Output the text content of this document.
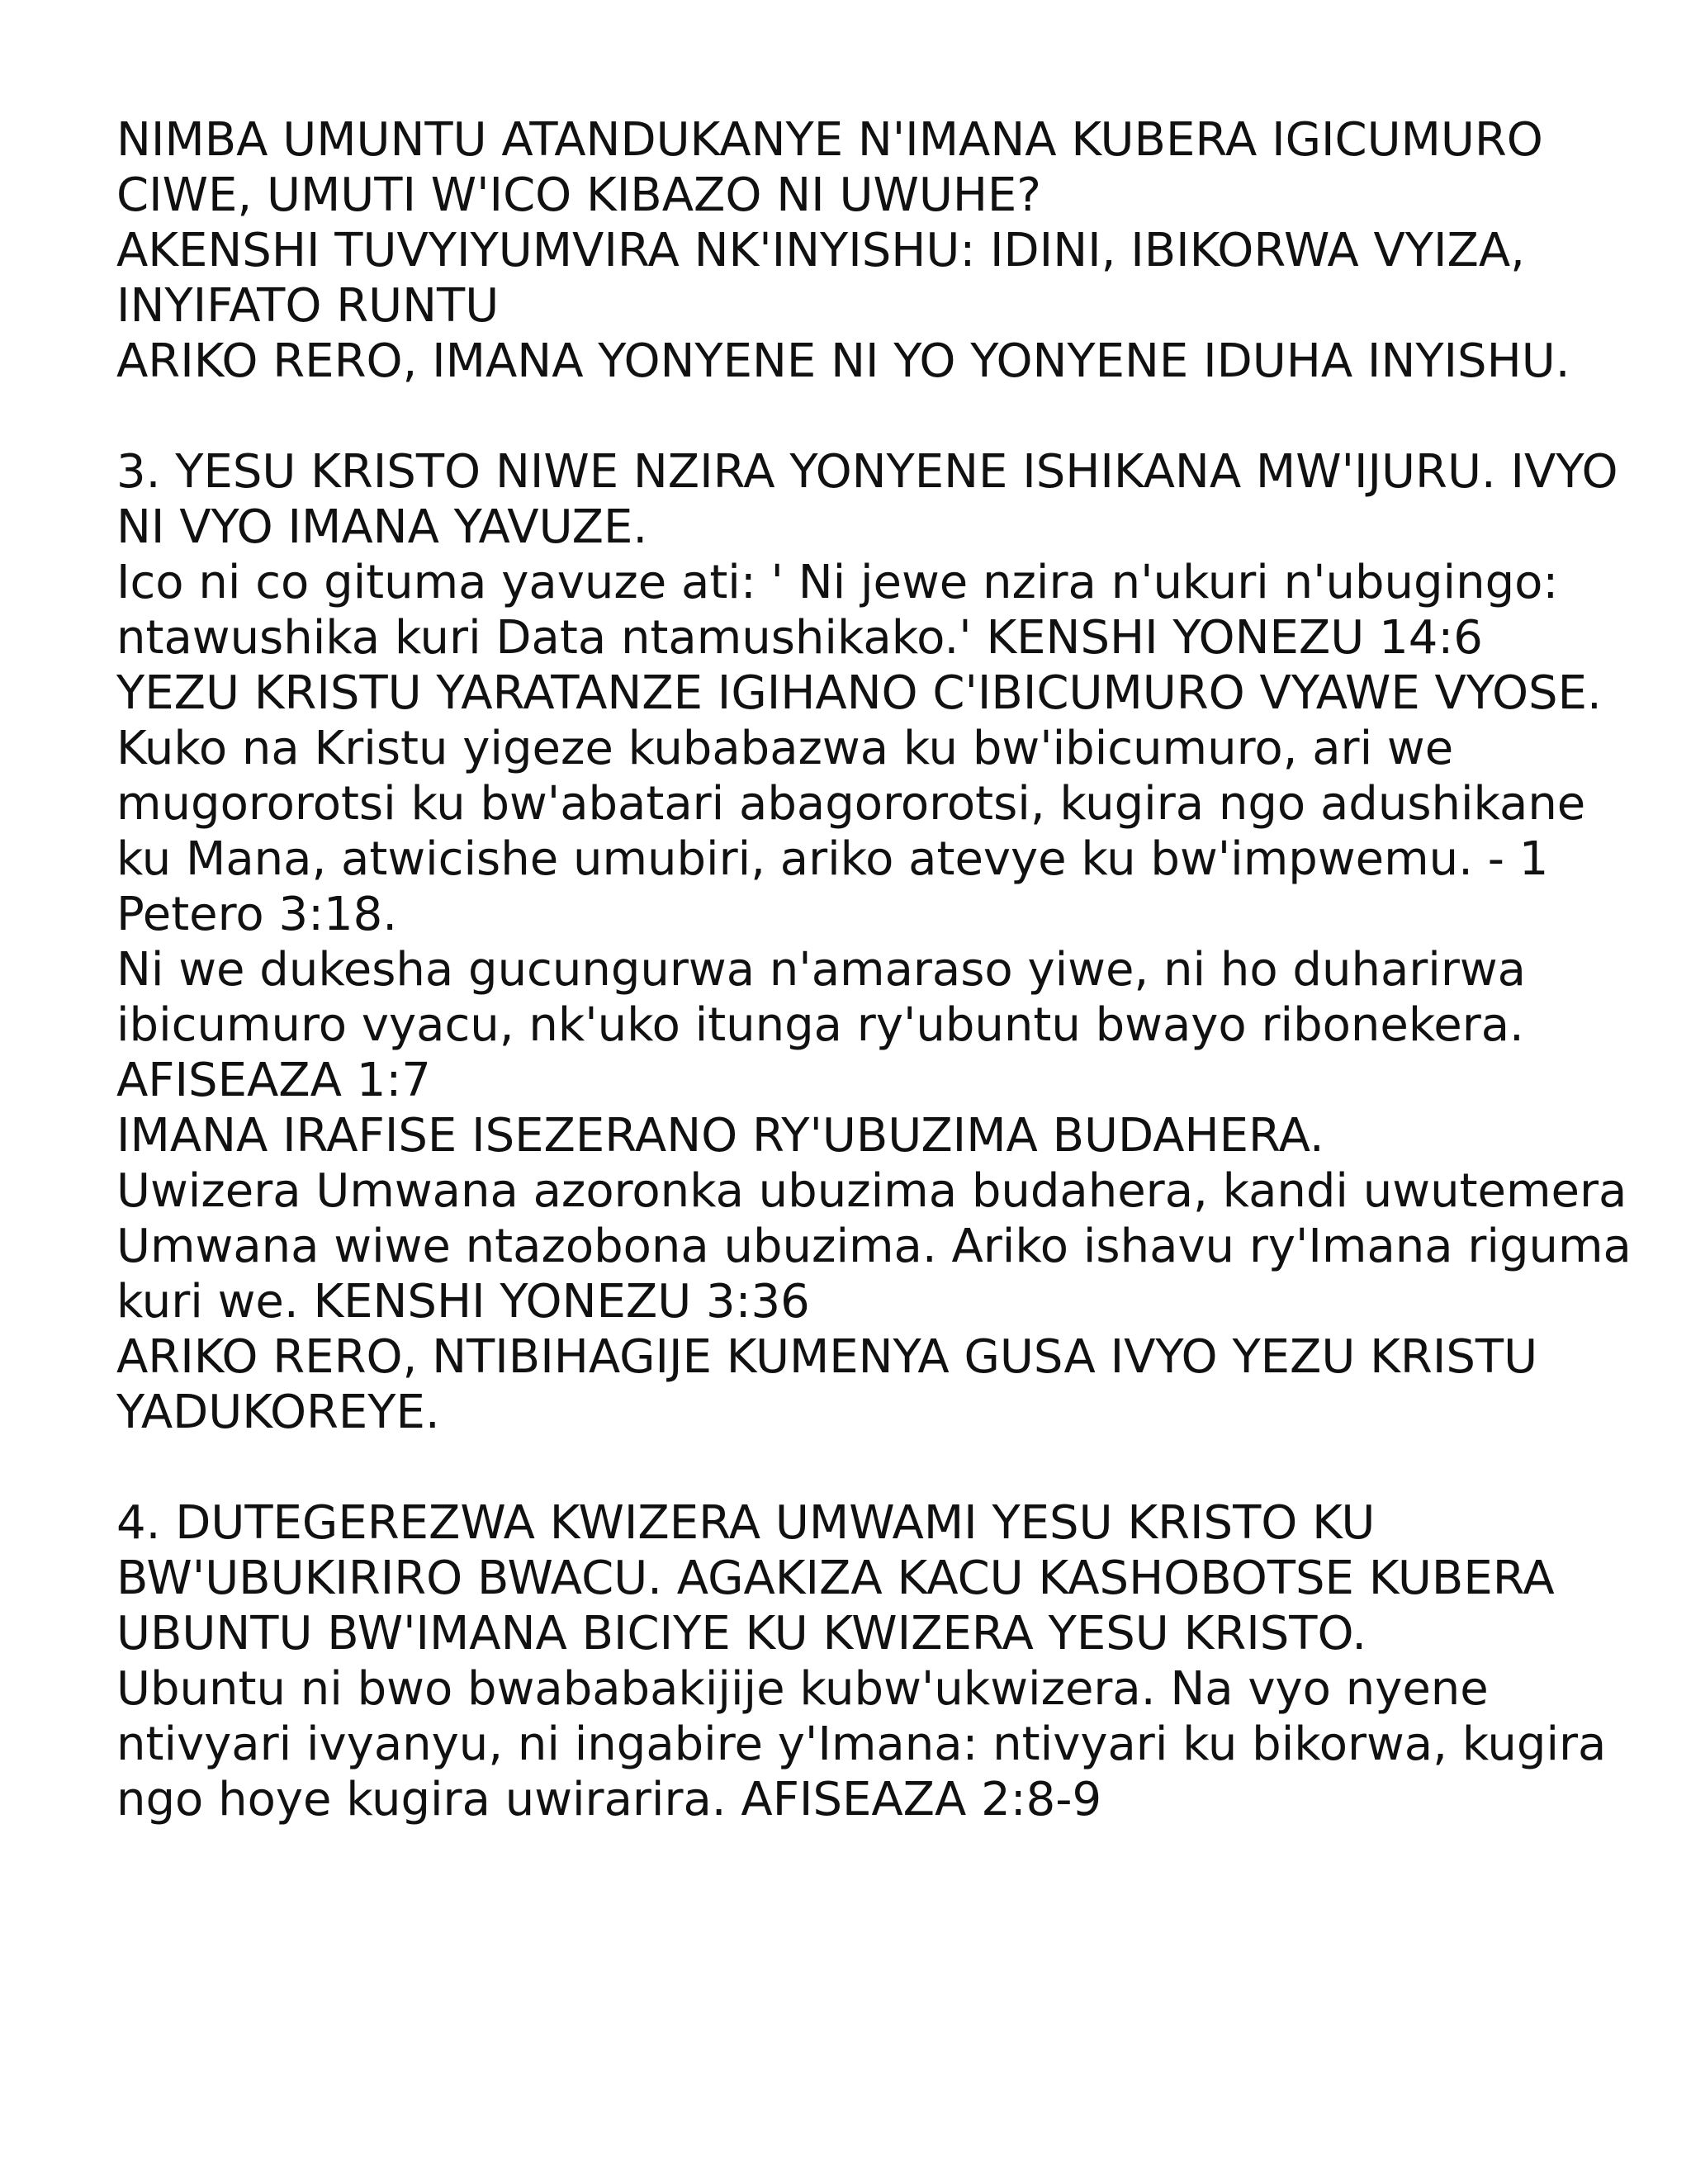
NIMBA UMUNTU ATANDUKANYE N'IMANA KUBERA IGICUMURO CIWE, UMUTI W'ICO KIBAZO NI UWUHE?

AKENSHI TUVYIYUMVIRA NK'INYISHU: IDINI, IBIKORWA VYIZA, INYIFATO RUNTU

ARIKO RERO, IMANA YONYENE NI YO YONYENE IDUHA INYISHU.

3. YESU KRISTO NIWE NZIRA YONYENE ISHIKANA MW'IJURU. IVYO NI VYO IMANA YAVUZE.

Ico ni co gituma yavuze ati: ' Ni jewe nzira n'ukuri n'ubugingo: ntawushika kuri Data ntamushikako.' KENSHI YONEZU 14:6

YEZU KRISTU YARATANZE IGIHANO C'IBICUMURO VYAWE VYOSE.

Kuko na Kristu yigeze kubabazwa ku bw'ibicumuro, ari we mugororotsi ku bw'abatari abagororotsi, kugira ngo adushikane ku Mana, atwicishe umubiri, ariko atevye ku bw'impwemu. - 1 Petero 3:18.

Ni we dukesha gucungurwa n'amaraso yiwe, ni ho duharirwa ibicumuro vyacu, nk'uko itunga ry'ubuntu bwayo ribonekera. AFISEAZA 1:7

IMANA IRAFISE ISEZERANO RY'UBUZIMA BUDAHERA.

Uwizera Umwana azoronka ubuzima budahera, kandi uwutemera Umwana wiwe ntazobona ubuzima. Ariko ishavu ry'Imana riguma kuri we. KENSHI YONEZU 3:36

ARIKO RERO, NTIBIHAGIJE KUMENYA GUSA IVYO YEZU KRISTU YADUKOREYE.

4. DUTEGEREZWA KWIZERA UMWAMI YESU KRISTO KU BW'UBUKIRIRO BWACU. AGAKIZA KACU KASHOBOTSE KUBERA UBUNTU BW'IMANA BICIYE KU KWIZERA YESU KRISTO.

Ubuntu ni bwo bwababakijije kubw'ukwizera. Na vyo nyene ntivyari ivyanyu, ni ingabire y'Imana: ntivyari ku bikorwa, kugira ngo hoye kugira uwirarira. AFISEAZA 2:8-9
